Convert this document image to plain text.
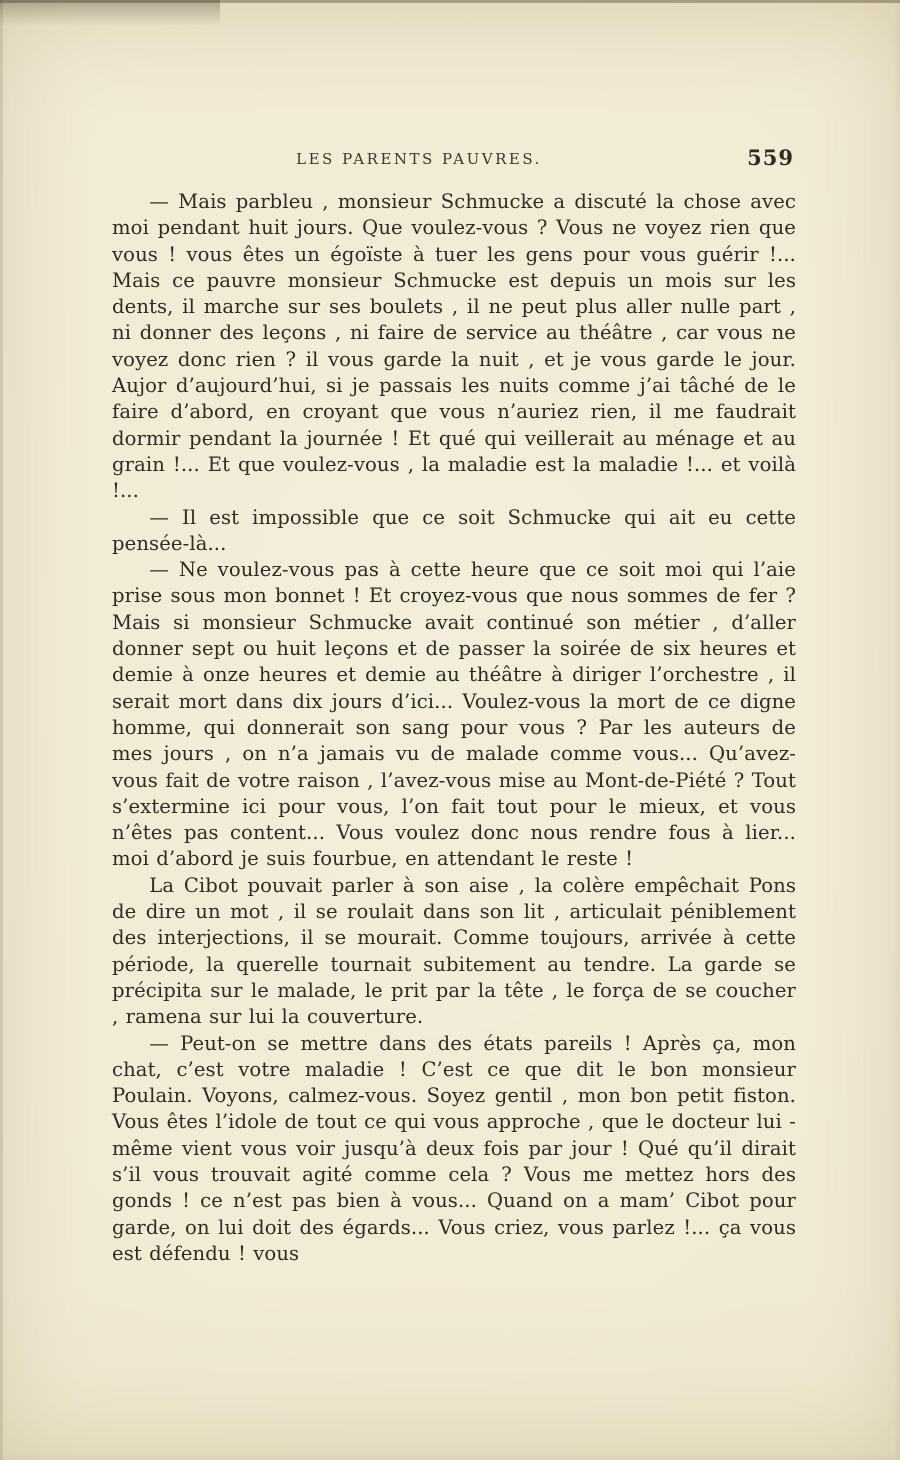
LES PARENTS PAUVRES.	559

— Mais parbleu , monsieur Schmucke a discuté la chose avec moi pendant huit jours. Que voulez-vous ? Vous ne voyez rien que vous ! vous êtes un égoïste à tuer les gens pour vous guérir !... Mais ce pauvre monsieur Schmucke est depuis un mois sur les dents, il marche sur ses boulets , il ne peut plus aller nulle part , ni donner des leçons , ni faire de service au théâtre , car vous ne voyez donc rien ? il vous garde la nuit , et je vous garde le jour. Aujor d’aujourd’hui, si je passais les nuits comme j’ai tâché de le faire d’abord, en croyant que vous n’auriez rien, il me faudrait dormir pendant la journée ! Et qué qui veillerait au ménage et au grain !... Et que voulez-vous , la maladie est la maladie !... et voilà !...

— Il est impossible que ce soit Schmucke qui ait eu cette pensée-là...

— Ne voulez-vous pas à cette heure que ce soit moi qui l’aie prise sous mon bonnet ! Et croyez-vous que nous sommes de fer ? Mais si monsieur Schmucke avait continué son métier , d’aller donner sept ou huit leçons et de passer la soirée de six heures et demie à onze heures et demie au théâtre à diriger l’orchestre , il serait mort dans dix jours d’ici... Voulez-vous la mort de ce digne homme, qui donnerait son sang pour vous ? Par les auteurs de mes jours , on n’a jamais vu de malade comme vous... Qu’avez-vous fait de votre raison , l’avez-vous mise au Mont-de-Piété ? Tout s’extermine ici pour vous, l’on fait tout pour le mieux, et vous n’êtes pas content... Vous voulez donc nous rendre fous à lier... moi d’abord je suis fourbue, en attendant le reste !

La Cibot pouvait parler à son aise , la colère empêchait Pons de dire un mot , il se roulait dans son lit , articulait péniblement des interjections, il se mourait. Comme toujours, arrivée à cette période, la querelle tournait subitement au tendre. La garde se précipita sur le malade, le prit par la tête , le força de se coucher , ramena sur lui la couverture.

— Peut-on se mettre dans des états pareils ! Après ça, mon chat, c’est votre maladie ! C’est ce que dit le bon monsieur Poulain. Voyons, calmez-vous. Soyez gentil , mon bon petit fiston. Vous êtes l’idole de tout ce qui vous approche , que le docteur lui - même vient vous voir jusqu’à deux fois par jour ! Qué qu’il dirait s’il vous trouvait agité comme cela ? Vous me mettez hors des gonds ! ce n’est pas bien à vous... Quand on a mam’ Cibot pour garde, on lui doit des égards... Vous criez, vous parlez !... ça vous est défendu ! vous
